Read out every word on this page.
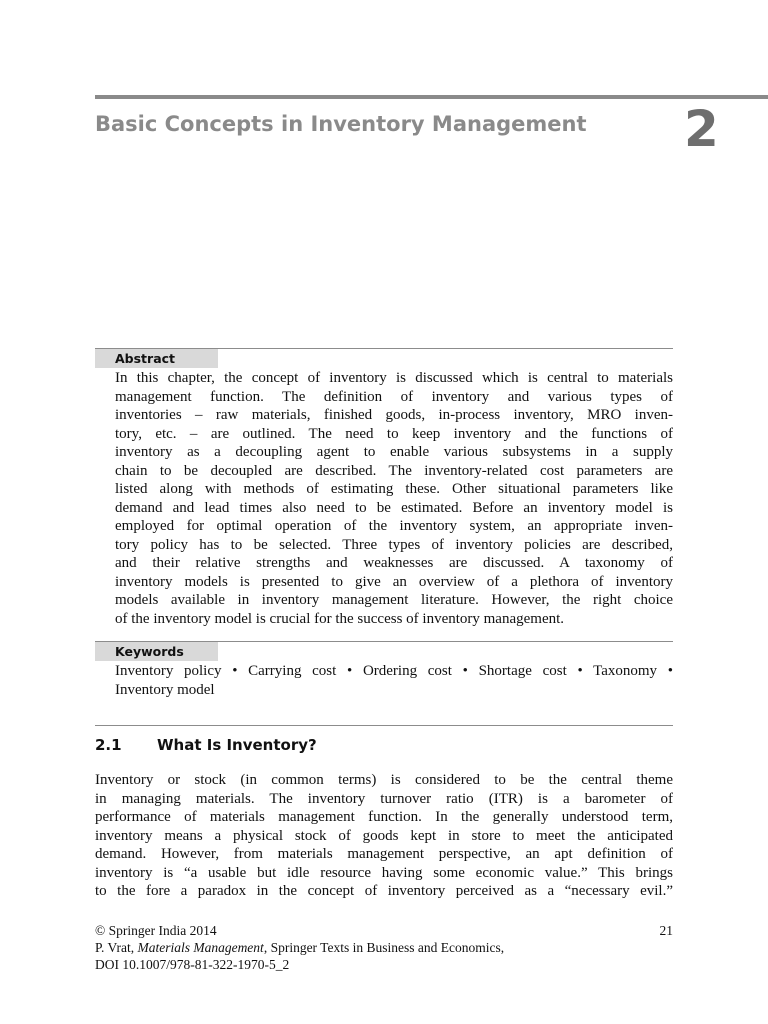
Basic Concepts in Inventory Management 2
Abstract
In this chapter, the concept of inventory is discussed which is central to materials
management function. The definition of inventory and various types of
inventories – raw materials, finished goods, in-process inventory, MRO inven-
tory, etc. – are outlined. The need to keep inventory and the functions of
inventory as a decoupling agent to enable various subsystems in a supply
chain to be decoupled are described. The inventory-related cost parameters are
listed along with methods of estimating these. Other situational parameters like
demand and lead times also need to be estimated. Before an inventory model is
employed for optimal operation of the inventory system, an appropriate inven-
tory policy has to be selected. Three types of inventory policies are described,
and their relative strengths and weaknesses are discussed. A taxonomy of
inventory models is presented to give an overview of a plethora of inventory
models available in inventory management literature. However, the right choice
of the inventory model is crucial for the success of inventory management.
Keywords
Inventory policy • Carrying cost • Ordering cost • Shortage cost • Taxonomy •
Inventory model
2.1 What Is Inventory?
Inventory or stock (in common terms) is considered to be the central theme
in managing materials. The inventory turnover ratio (ITR) is a barometer of
performance of materials management function. In the generally understood term,
inventory means a physical stock of goods kept in store to meet the anticipated
demand. However, from materials management perspective, an apt definition of
inventory is “a usable but idle resource having some economic value.” This brings
to the fore a paradox in the concept of inventory perceived as a “necessary evil.”
© Springer India 2014	21
P. Vrat, Materials Management, Springer Texts in Business and Economics,
DOI 10.1007/978-81-322-1970-5_2
